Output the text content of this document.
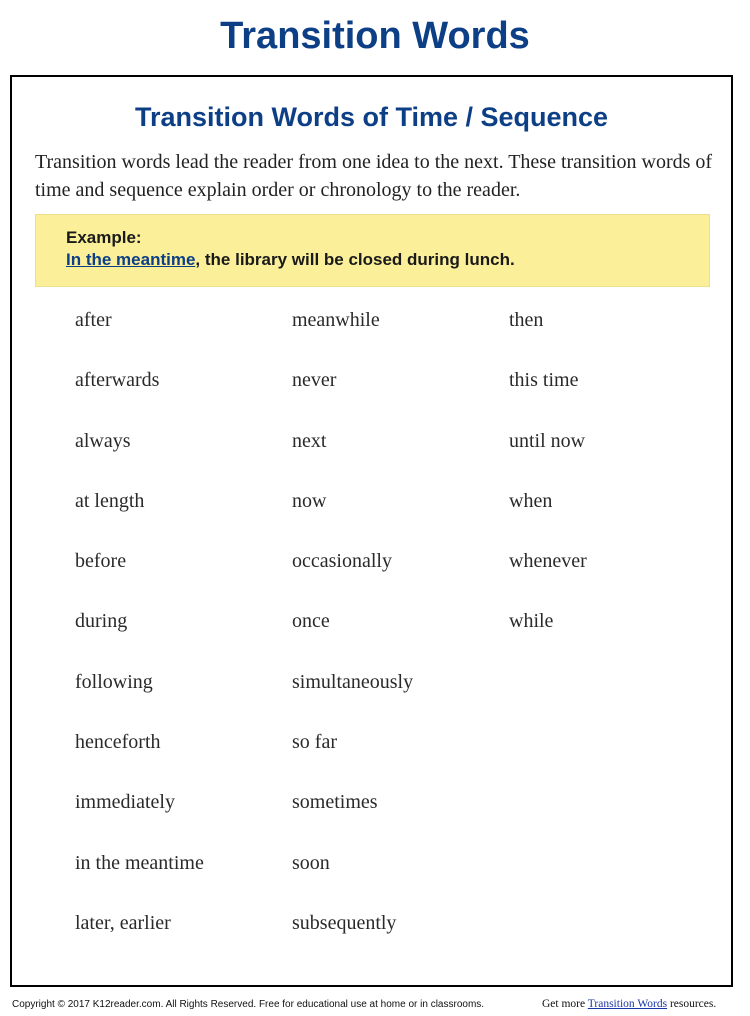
Transition Words
Transition Words of Time / Sequence
Transition words lead the reader from one idea to the next. These transition words of time and sequence explain order or chronology to the reader.
Example:
In the meantime, the library will be closed during lunch.
after
afterwards
always
at length
before
during
following
henceforth
immediately
in the meantime
later, earlier
meanwhile
never
next
now
occasionally
once
simultaneously
so far
sometimes
soon
subsequently
then
this time
until now
when
whenever
while
Copyright © 2017 K12reader.com. All Rights Reserved. Free for educational use at home or in classrooms.	Get more Transition Words resources.
